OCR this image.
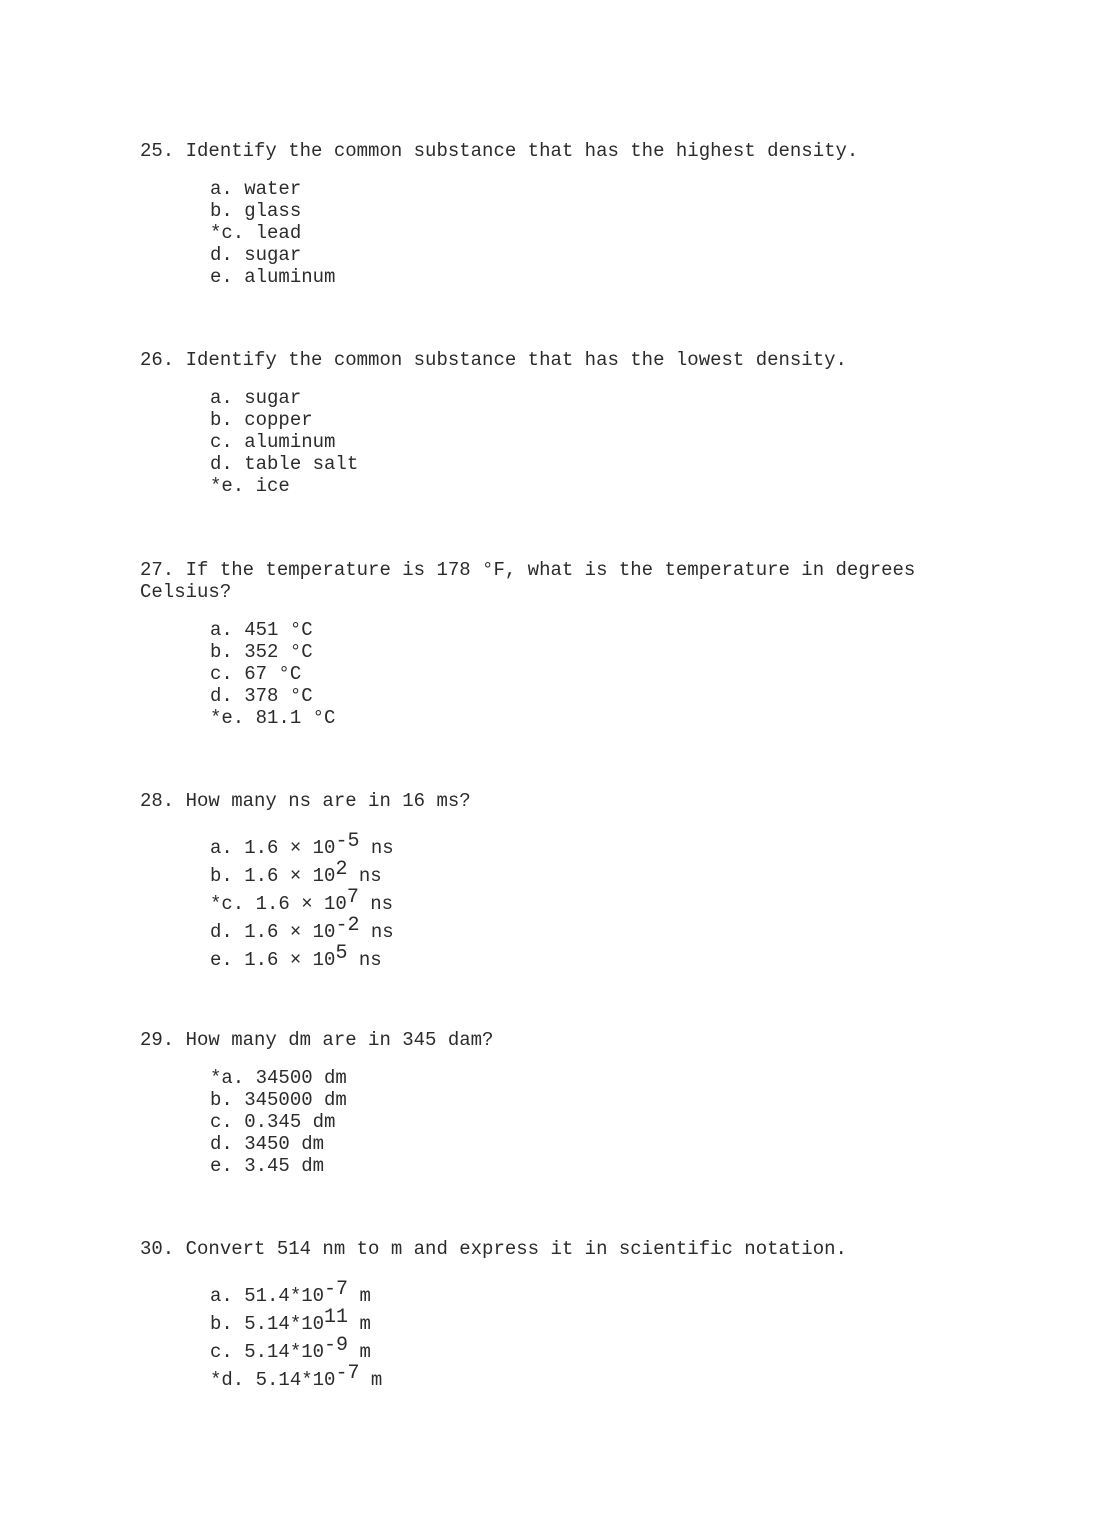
25. Identify the common substance that has the highest density.

a. water
b. glass
*c. lead
d. sugar
e. aluminum

26. Identify the common substance that has the lowest density.

a. sugar
b. copper
c. aluminum
d. table salt
*e. ice

27. If the temperature is 178 °F, what is the temperature in degrees Celsius?

a. 451 °C
b. 352 °C
c. 67 °C
d. 378 °C
*e. 81.1 °C

28. How many ns are in 16 ms?

a. $1.6 \times 10^{-5}$ ns
b. $1.6 \times 10^2$ ns
*c. $1.6 \times 10^7$ ns
d. $1.6 \times 10^{-2}$ ns
e. $1.6 \times 10^5$ ns

29. How many dm are in 345 dam?

*a. 34500 dm
b. 345000 dm
c. 0.345 dm
d. 3450 dm
e. 3.45 dm

30. Convert 514 nm to m and express it in scientific notation.

a. $51.4*10^{-7}$ m
b. $5.14*10^{11}$ m
c. $5.14*10^{-9}$ m
*d. $5.14*10^{-7}$ m
